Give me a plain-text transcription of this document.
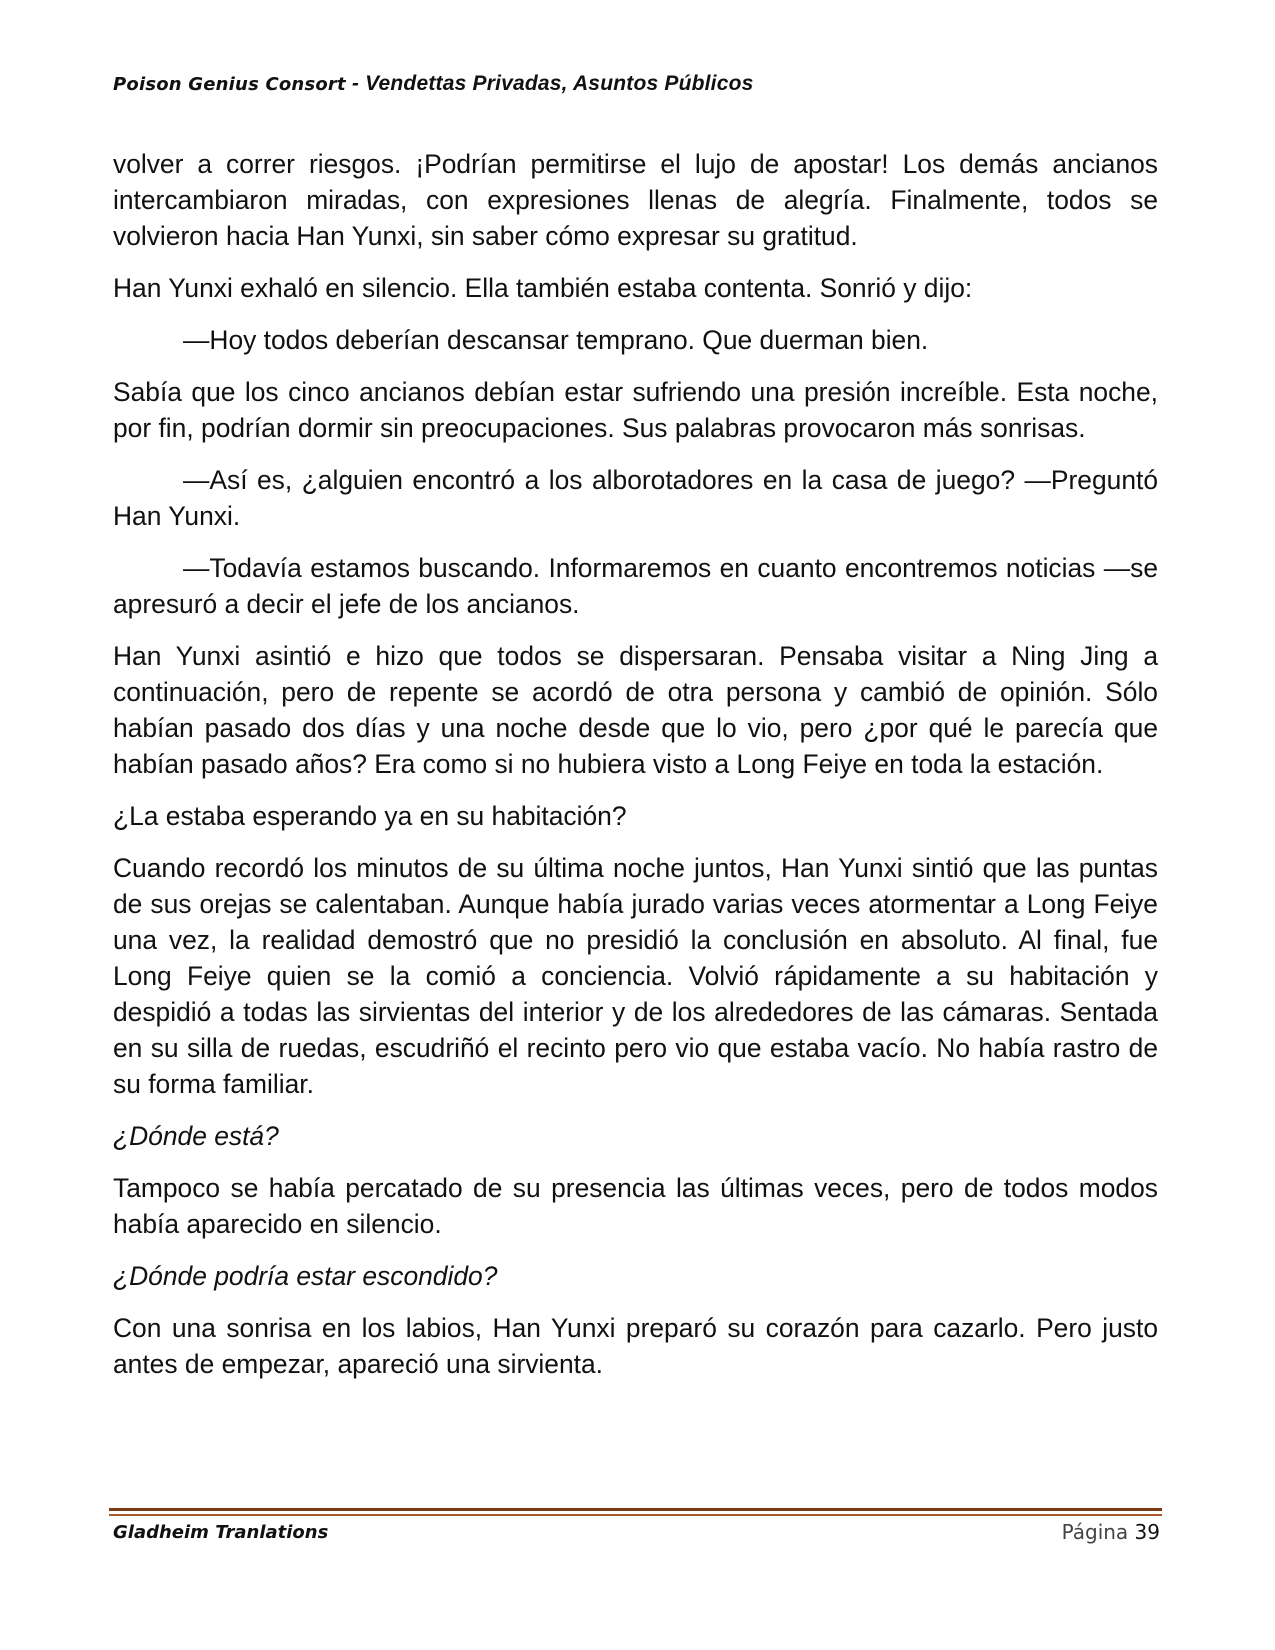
Poison Genius Consort - Vendettas Privadas, Asuntos Públicos

volver a correr riesgos. ¡Podrían permitirse el lujo de apostar! Los demás ancianos intercambiaron miradas, con expresiones llenas de alegría. Finalmente, todos se volvieron hacia Han Yunxi, sin saber cómo expresar su gratitud.

Han Yunxi exhaló en silencio. Ella también estaba contenta. Sonrió y dijo:

—Hoy todos deberían descansar temprano. Que duerman bien.

Sabía que los cinco ancianos debían estar sufriendo una presión increíble. Esta noche, por fin, podrían dormir sin preocupaciones. Sus palabras provocaron más sonrisas.

—Así es, ¿alguien encontró a los alborotadores en la casa de juego? —Preguntó Han Yunxi.

—Todavía estamos buscando. Informaremos en cuanto encontremos noticias —se apresuró a decir el jefe de los ancianos.

Han Yunxi asintió e hizo que todos se dispersaran. Pensaba visitar a Ning Jing a continuación, pero de repente se acordó de otra persona y cambió de opinión. Sólo habían pasado dos días y una noche desde que lo vio, pero ¿por qué le parecía que habían pasado años? Era como si no hubiera visto a Long Feiye en toda la estación.

¿La estaba esperando ya en su habitación?

Cuando recordó los minutos de su última noche juntos, Han Yunxi sintió que las puntas de sus orejas se calentaban. Aunque había jurado varias veces atormentar a Long Feiye una vez, la realidad demostró que no presidió la conclusión en absoluto. Al final, fue Long Feiye quien se la comió a conciencia. Volvió rápidamente a su habitación y despidió a todas las sirvientas del interior y de los alrededores de las cámaras. Sentada en su silla de ruedas, escudriñó el recinto pero vio que estaba vacío. No había rastro de su forma familiar.

¿Dónde está?

Tampoco se había percatado de su presencia las últimas veces, pero de todos modos había aparecido en silencio.

¿Dónde podría estar escondido?

Con una sonrisa en los labios, Han Yunxi preparó su corazón para cazarlo. Pero justo antes de empezar, apareció una sirvienta.

Gladheim Tranlations	Página 39
